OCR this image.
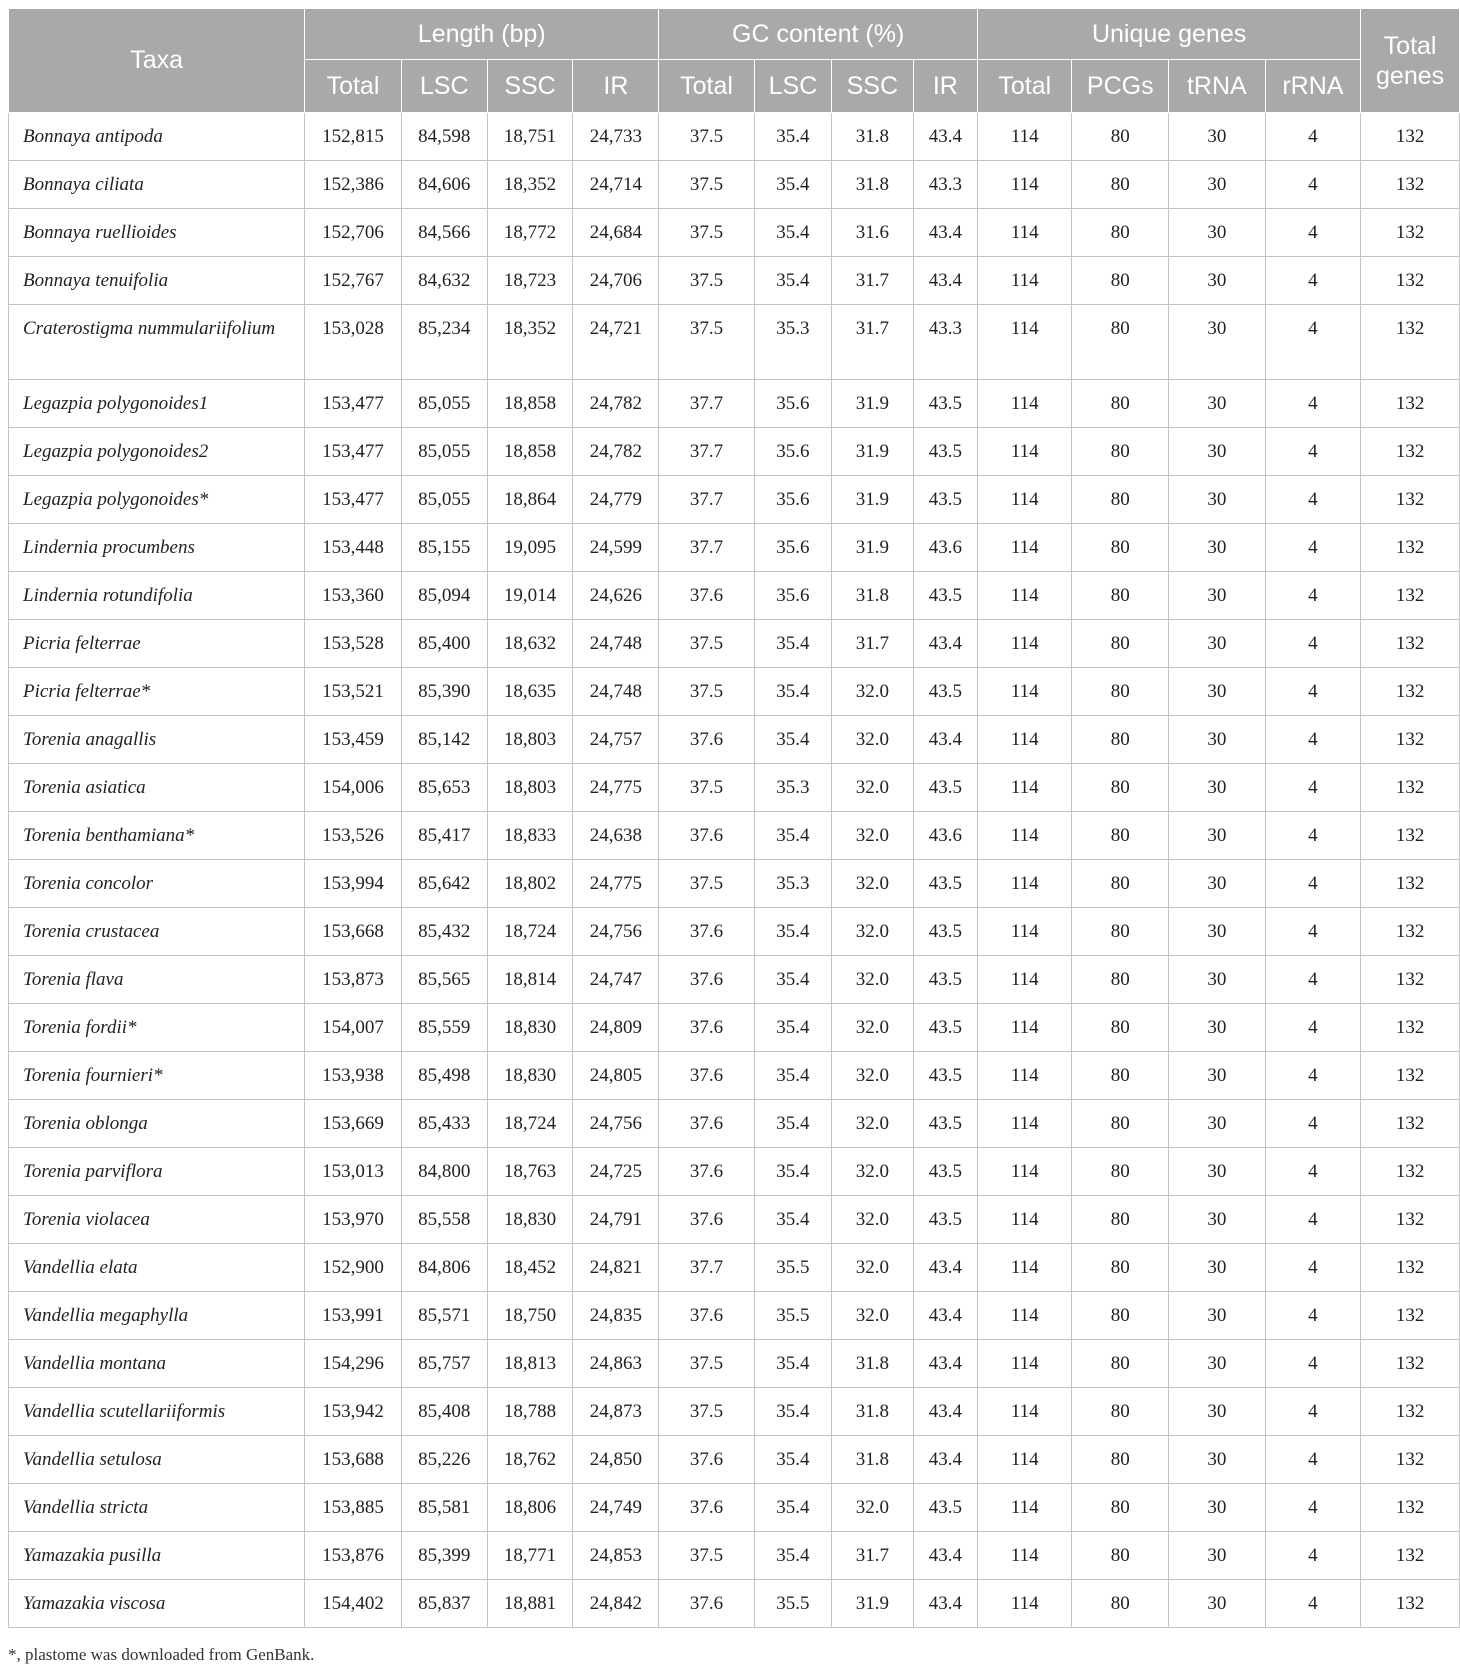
Taxa	Length (bp)				GC content (%)				Unique genes				Total genes
	Total	LSC	SSC	IR	Total	LSC	SSC	IR	Total	PCGs	tRNA	rRNA	

Bonnaya antipoda	152,815	84,598	18,751	24,733	37.5	35.4	31.8	43.4	114	80	30	4	132

Bonnaya ciliata	152,386	84,606	18,352	24,714	37.5	35.4	31.8	43.3	114	80	30	4	132

Bonnaya ruellioides	152,706	84,566	18,772	24,684	37.5	35.4	31.6	43.4	114	80	30	4	132

Bonnaya tenuifolia	152,767	84,632	18,723	24,706	37.5	35.4	31.7	43.4	114	80	30	4	132

Craterostigma nummulariifolium	153,028	85,234	18,352	24,721	37.5	35.3	31.7	43.3	114	80	30	4	132

Legazpia polygonoides1	153,477	85,055	18,858	24,782	37.7	35.6	31.9	43.5	114	80	30	4	132

Legazpia polygonoides2	153,477	85,055	18,858	24,782	37.7	35.6	31.9	43.5	114	80	30	4	132

Legazpia polygonoides*	153,477	85,055	18,864	24,779	37.7	35.6	31.9	43.5	114	80	30	4	132

Lindernia procumbens	153,448	85,155	19,095	24,599	37.7	35.6	31.9	43.6	114	80	30	4	132

Lindernia rotundifolia	153,360	85,094	19,014	24,626	37.6	35.6	31.8	43.5	114	80	30	4	132

Picria felterrae	153,528	85,400	18,632	24,748	37.5	35.4	31.7	43.4	114	80	30	4	132

Picria felterrae*	153,521	85,390	18,635	24,748	37.5	35.4	32.0	43.5	114	80	30	4	132

Torenia anagallis	153,459	85,142	18,803	24,757	37.6	35.4	32.0	43.4	114	80	30	4	132

Torenia asiatica	154,006	85,653	18,803	24,775	37.5	35.3	32.0	43.5	114	80	30	4	132

Torenia benthamiana*	153,526	85,417	18,833	24,638	37.6	35.4	32.0	43.6	114	80	30	4	132

Torenia concolor	153,994	85,642	18,802	24,775	37.5	35.3	32.0	43.5	114	80	30	4	132

Torenia crustacea	153,668	85,432	18,724	24,756	37.6	35.4	32.0	43.5	114	80	30	4	132

Torenia flava	153,873	85,565	18,814	24,747	37.6	35.4	32.0	43.5	114	80	30	4	132

Torenia fordii*	154,007	85,559	18,830	24,809	37.6	35.4	32.0	43.5	114	80	30	4	132

Torenia fournieri*	153,938	85,498	18,830	24,805	37.6	35.4	32.0	43.5	114	80	30	4	132

Torenia oblonga	153,669	85,433	18,724	24,756	37.6	35.4	32.0	43.5	114	80	30	4	132

Torenia parviflora	153,013	84,800	18,763	24,725	37.6	35.4	32.0	43.5	114	80	30	4	132

Torenia violacea	153,970	85,558	18,830	24,791	37.6	35.4	32.0	43.5	114	80	30	4	132

Vandellia elata	152,900	84,806	18,452	24,821	37.7	35.5	32.0	43.4	114	80	30	4	132

Vandellia megaphylla	153,991	85,571	18,750	24,835	37.6	35.5	32.0	43.4	114	80	30	4	132

Vandellia montana	154,296	85,757	18,813	24,863	37.5	35.4	31.8	43.4	114	80	30	4	132

Vandellia scutellariiformis	153,942	85,408	18,788	24,873	37.5	35.4	31.8	43.4	114	80	30	4	132

Vandellia setulosa	153,688	85,226	18,762	24,850	37.6	35.4	31.8	43.4	114	80	30	4	132

Vandellia stricta	153,885	85,581	18,806	24,749	37.6	35.4	32.0	43.5	114	80	30	4	132

Yamazakia pusilla	153,876	85,399	18,771	24,853	37.5	35.4	31.7	43.4	114	80	30	4	132

Yamazakia viscosa	154,402	85,837	18,881	24,842	37.6	35.5	31.9	43.4	114	80	30	4	132
*, plastome was downloaded from GenBank.
